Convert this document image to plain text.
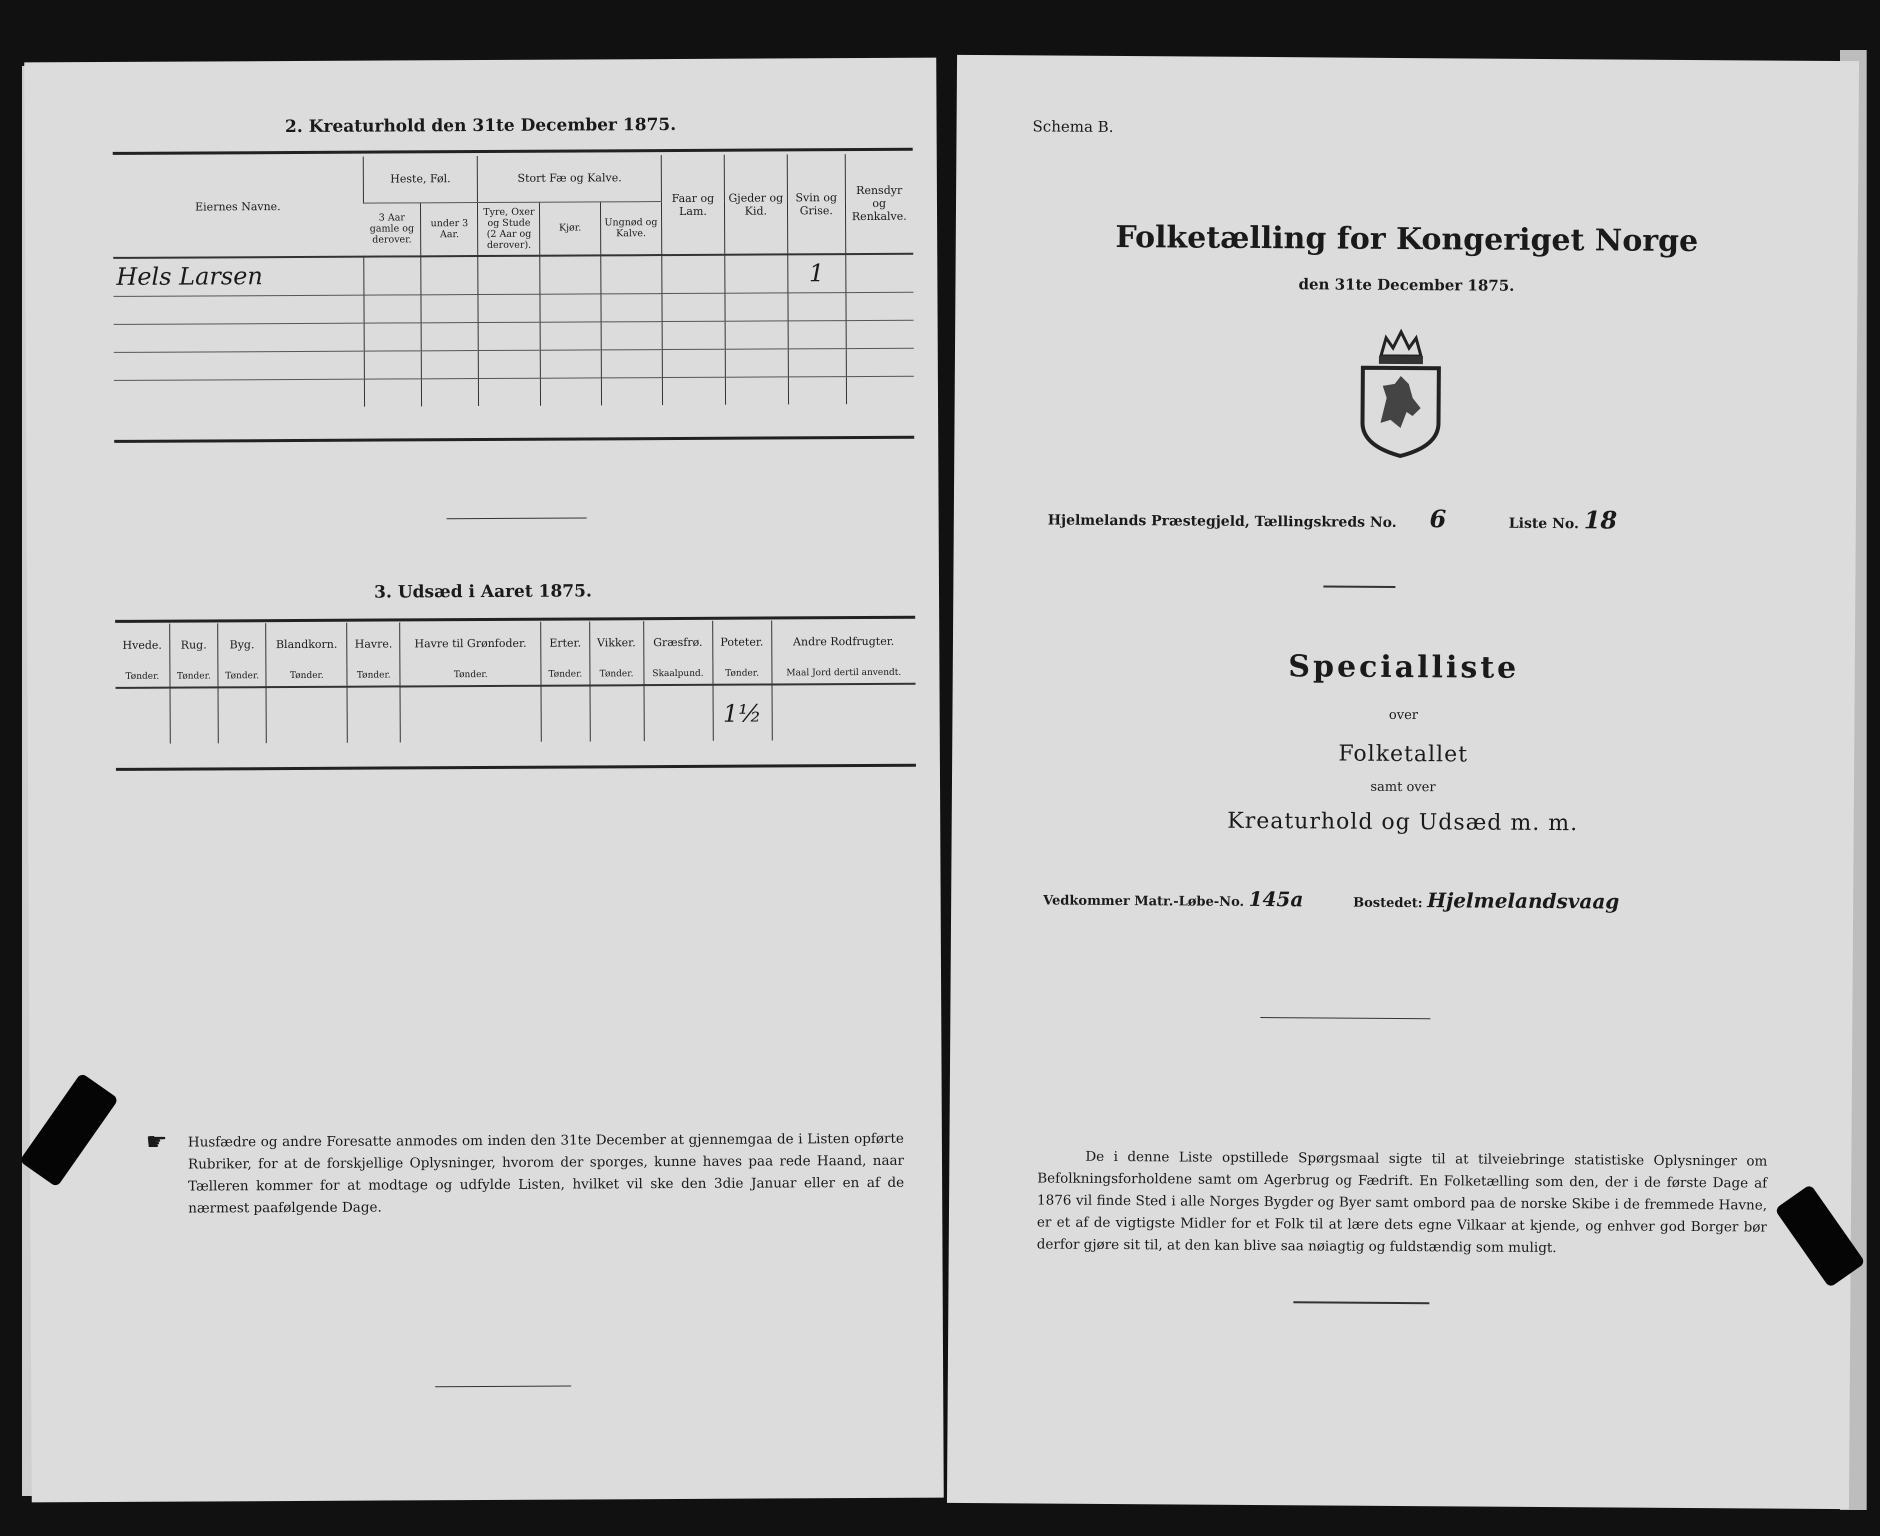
2. Kreaturhold den 31te December 1875.
Eiernes Navne.	Heste, Føl.		Stort Fæ og Kalve.			Faar og Lam.	Gjeder og Kid.	Svin og Grise.	Rensdyr og Renkalve.
	3 Aar gamle og derover.	under 3 Aar.	Tyre, Oxer og Stude (2 Aar og derover).	Kjør.	Ungnød og Kalve.				
Hels Larsen								1	

3. Udsæd i Aaret 1875.
Hvede.	Rug.	Byg.	Blandkorn.	Havre.	Havre til Grønfoder.	Erter.	Vikker.	Græsfrø.	Poteter.	Andre Rodfrugter.
Tønder.	Tønder.	Tønder.	Tønder.	Tønder.	Tønder.	Tønder.	Tønder.	Skaalpund.	Tønder.	Maal Jord dertil anvendt.
									1½	
☛ Husfædre og andre Foresatte anmodes om inden den 31te December at gjennemgaa de i Listen opførte Rubriker, for at de forskjellige Oplysninger, hvorom der sporges, kunne haves paa rede Haand, naar Tælleren kommer for at modtage og udfylde Listen, hvilket vil ske den 3die Januar eller en af de nærmest paafølgende Dage.
Schema B.
Folketælling for Kongeriget Norge
den 31te December 1875.
Hjelmelands Præstegjeld, Tællingskreds No. 6	Liste No. 18
Specialliste
over
Folketallet
samt over
Kreaturhold og Udsæd m. m.
Vedkommer Matr.-Løbe-No. 145a	Bostedet: Hjelmelandsvaag
De i denne Liste opstillede Spørgsmaal sigte til at tilveiebringe statistiske Oplysninger om Befolkningsforholdene samt om Agerbrug og Fædrift. En Folketælling som den, der i de første Dage af 1876 vil finde Sted i alle Norges Bygder og Byer samt ombord paa de norske Skibe i de fremmede Havne, er et af de vigtigste Midler for et Folk til at lære dets egne Vilkaar at kjende, og enhver god Borger bør derfor gjøre sit til, at den kan blive saa nøiagtig og fuldstændig som muligt.
